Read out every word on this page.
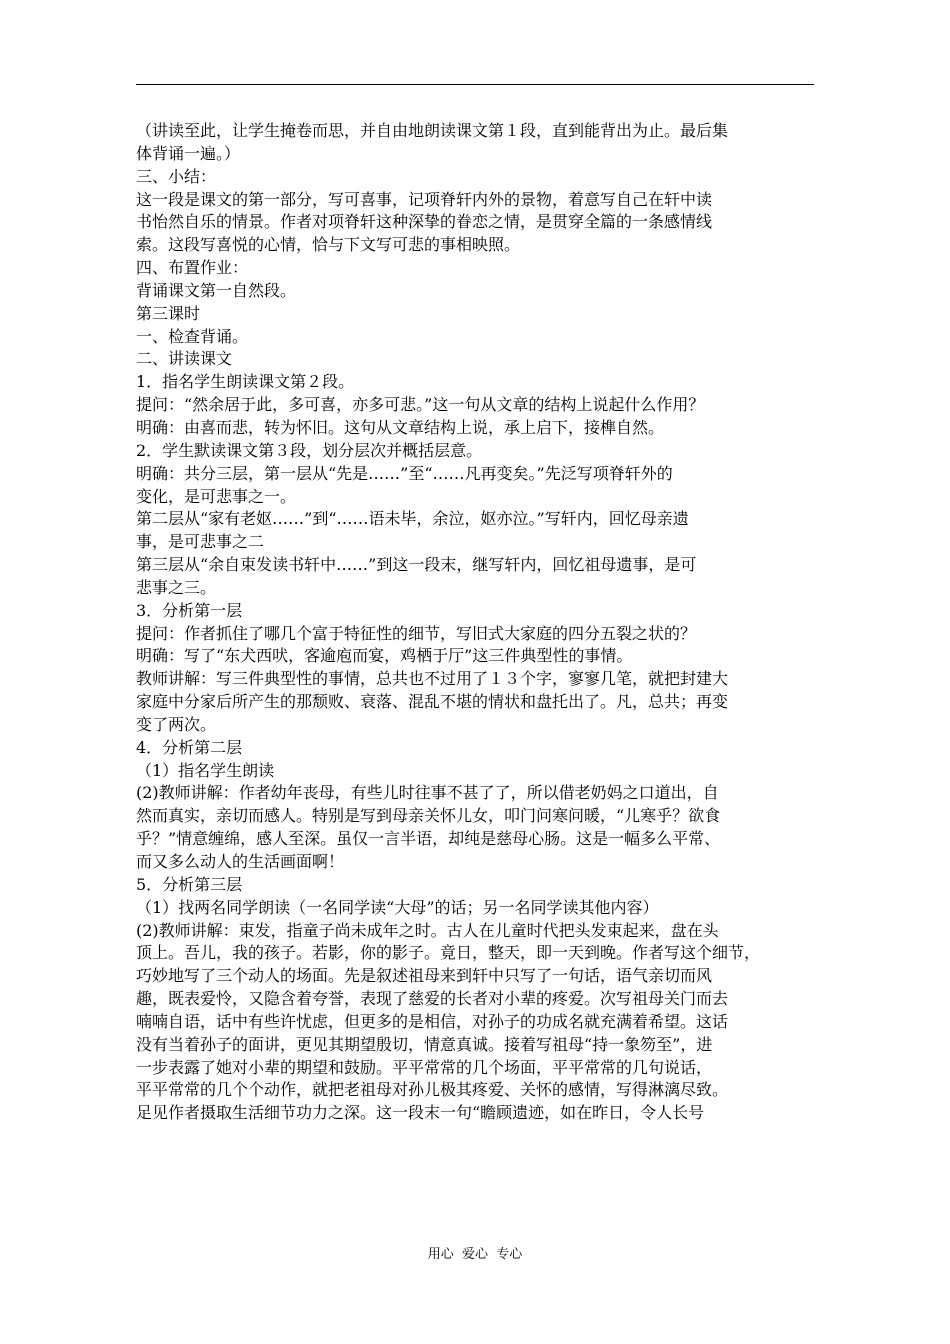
（讲读至此，让学生掩卷而思，并自由地朗读课文第１段，直到能背出为止。最后集
体背诵一遍。）
三、小结：
这一段是课文的第一部分，写可喜事，记项脊轩内外的景物，着意写自己在轩中读
书怡然自乐的情景。作者对项脊轩这种深挚的眷恋之情，是贯穿全篇的一条感情线
索。这段写喜悦的心情，恰与下文写可悲的事相映照。
四、布置作业：
背诵课文第一自然段。
第三课时
一、检查背诵。
二、讲读课文
1．指名学生朗读课文第２段。
提问：“然余居于此，多可喜，亦多可悲。”这一句从文章的结构上说起什么作用？
明确：由喜而悲，转为怀旧。这句从文章结构上说，承上启下，接榫自然。
2．学生默读课文第３段，划分层次并概括层意。
明确：共分三层，第一层从“先是……”至“……凡再变矣。”先泛写项脊轩外的
变化，是可悲事之一。
第二层从“家有老妪……”到“……语未毕，余泣，妪亦泣。”写轩内，回忆母亲遗
事，是可悲事之二
第三层从“余自束发读书轩中……”到这一段末，继写轩内，回忆祖母遗事，是可
悲事之三。
3．分析第一层
提问：作者抓住了哪几个富于特征性的细节，写旧式大家庭的四分五裂之状的？
明确：写了“东犬西吠，客逾庖而宴，鸡栖于厅”这三件典型性的事情。
教师讲解：写三件典型性的事情，总共也不过用了１３个字，寥寥几笔，就把封建大
家庭中分家后所产生的那颓败、衰落、混乱不堪的情状和盘托出了。凡，总共；再变
变了两次。
4．分析第二层
（1）指名学生朗读
(2)教师讲解：作者幼年丧母，有些儿时往事不甚了了，所以借老奶妈之口道出，自
然而真实，亲切而感人。特别是写到母亲关怀儿女，叩门问寒问暖，“儿寒乎？欲食
乎？”情意缠绵，感人至深。虽仅一言半语，却纯是慈母心肠。这是一幅多么平常、
而又多么动人的生活画面啊！
5．分析第三层
（1）找两名同学朗读（一名同学读“大母”的话；另一名同学读其他内容）
(2)教师讲解：束发，指童子尚未成年之时。古人在儿童时代把头发束起来，盘在头
顶上。吾儿，我的孩子。若影，你的影子。竟日，整天，即一天到晚。作者写这个细节，
巧妙地写了三个动人的场面。先是叙述祖母来到轩中只写了一句话，语气亲切而风
趣，既表爱怜，又隐含着夸誉，表现了慈爱的长者对小辈的疼爱。次写祖母关门而去
喃喃自语，话中有些许忧虑，但更多的是相信，对孙子的功成名就充满着希望。这话
没有当着孙子的面讲，更见其期望殷切，情意真诚。接着写祖母“持一象笏至”，进
一步表露了她对小辈的期望和鼓励。平平常常的几个场面，平平常常的几句说话，
平平常常的几个个动作，就把老祖母对孙儿极其疼爱、关怀的感情，写得淋漓尽致。
足见作者摄取生活细节功力之深。这一段末一句“瞻顾遗迹，如在昨日，令人长号
用心  爱心  专心
